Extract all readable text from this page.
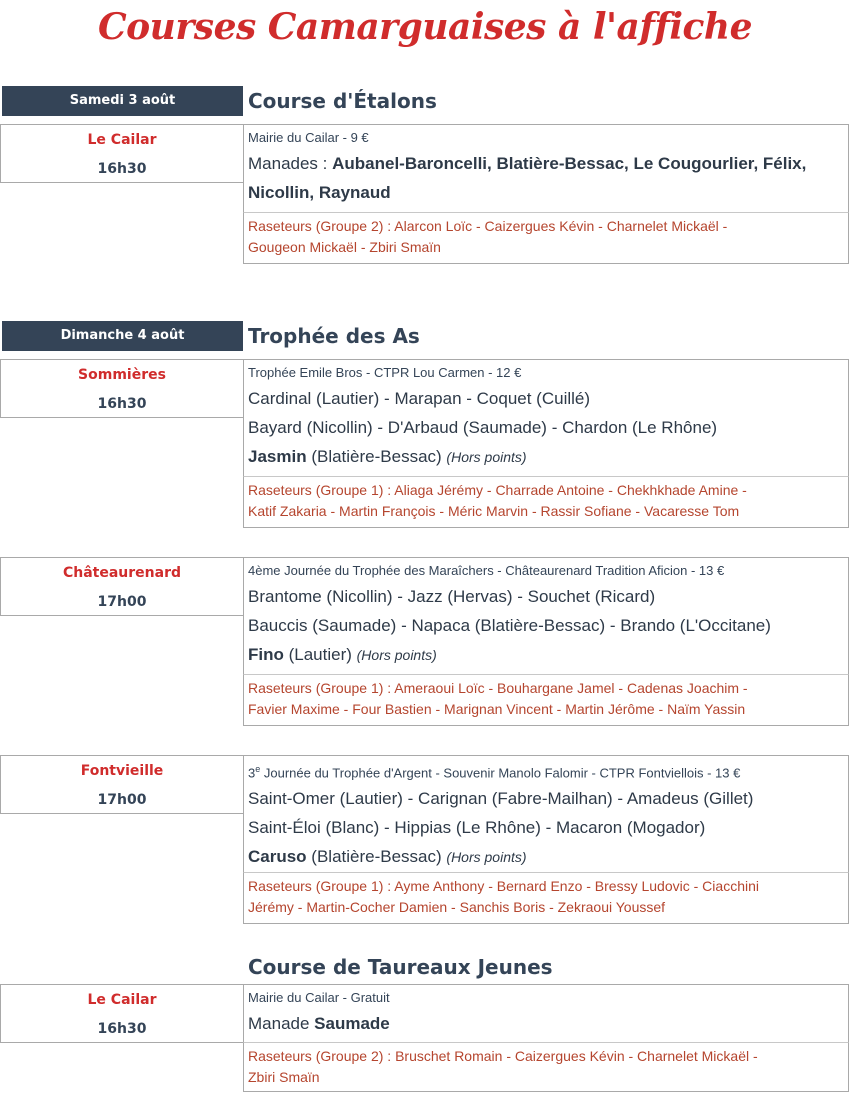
Courses Camarguaises à l'affiche
Samedi 3 août	Course d'Étalons
Le Cailar
16h30
Mairie du Cailar - 9 €
Manades : Aubanel-Baroncelli, Blatière-Bessac, Le Cougourlier, Félix,
Nicollin, Raynaud
Raseteurs (Groupe 2) : Alarcon Loïc - Caizergues Kévin - Charnelet Mickaël -
Gougeon Mickaël - Zbiri Smaïn
Dimanche 4 août	Trophée des As
Sommières
16h30
Trophée Emile Bros - CTPR Lou Carmen - 12 €
Cardinal (Lautier) - Marapan - Coquet (Cuillé)
Bayard (Nicollin) - D'Arbaud (Saumade) - Chardon (Le Rhône)
Jasmin (Blatière-Bessac) (Hors points)
Raseteurs (Groupe 1) : Aliaga Jérémy - Charrade Antoine - Chekhkhade Amine -
Katif Zakaria - Martin François - Méric Marvin - Rassir Sofiane - Vacaresse Tom
Châteaurenard
17h00
4ème Journée du Trophée des Maraîchers - Châteaurenard Tradition Aficion - 13 €
Brantome (Nicollin) - Jazz (Hervas) - Souchet (Ricard)
Bauccis (Saumade) - Napaca (Blatière-Bessac) - Brando (L'Occitane)
Fino (Lautier) (Hors points)
Raseteurs (Groupe 1) : Ameraoui Loïc - Bouhargane Jamel - Cadenas Joachim -
Favier Maxime - Four Bastien - Marignan Vincent - Martin Jérôme - Naïm Yassin
Fontvieille
17h00
3e Journée du Trophée d'Argent - Souvenir Manolo Falomir - CTPR Fontviellois - 13 €
Saint-Omer (Lautier) - Carignan (Fabre-Mailhan) - Amadeus (Gillet)
Saint-Éloi (Blanc) - Hippias (Le Rhône) - Macaron (Mogador)
Caruso (Blatière-Bessac) (Hors points)
Raseteurs (Groupe 1) : Ayme Anthony - Bernard Enzo - Bressy Ludovic - Ciacchini
Jérémy - Martin-Cocher Damien - Sanchis Boris - Zekraoui Youssef
Course de Taureaux Jeunes
Le Cailar
16h30
Mairie du Cailar - Gratuit
Manade Saumade
Raseteurs (Groupe 2) : Bruschet Romain - Caizergues Kévin - Charnelet Mickaël -
Zbiri Smaïn
